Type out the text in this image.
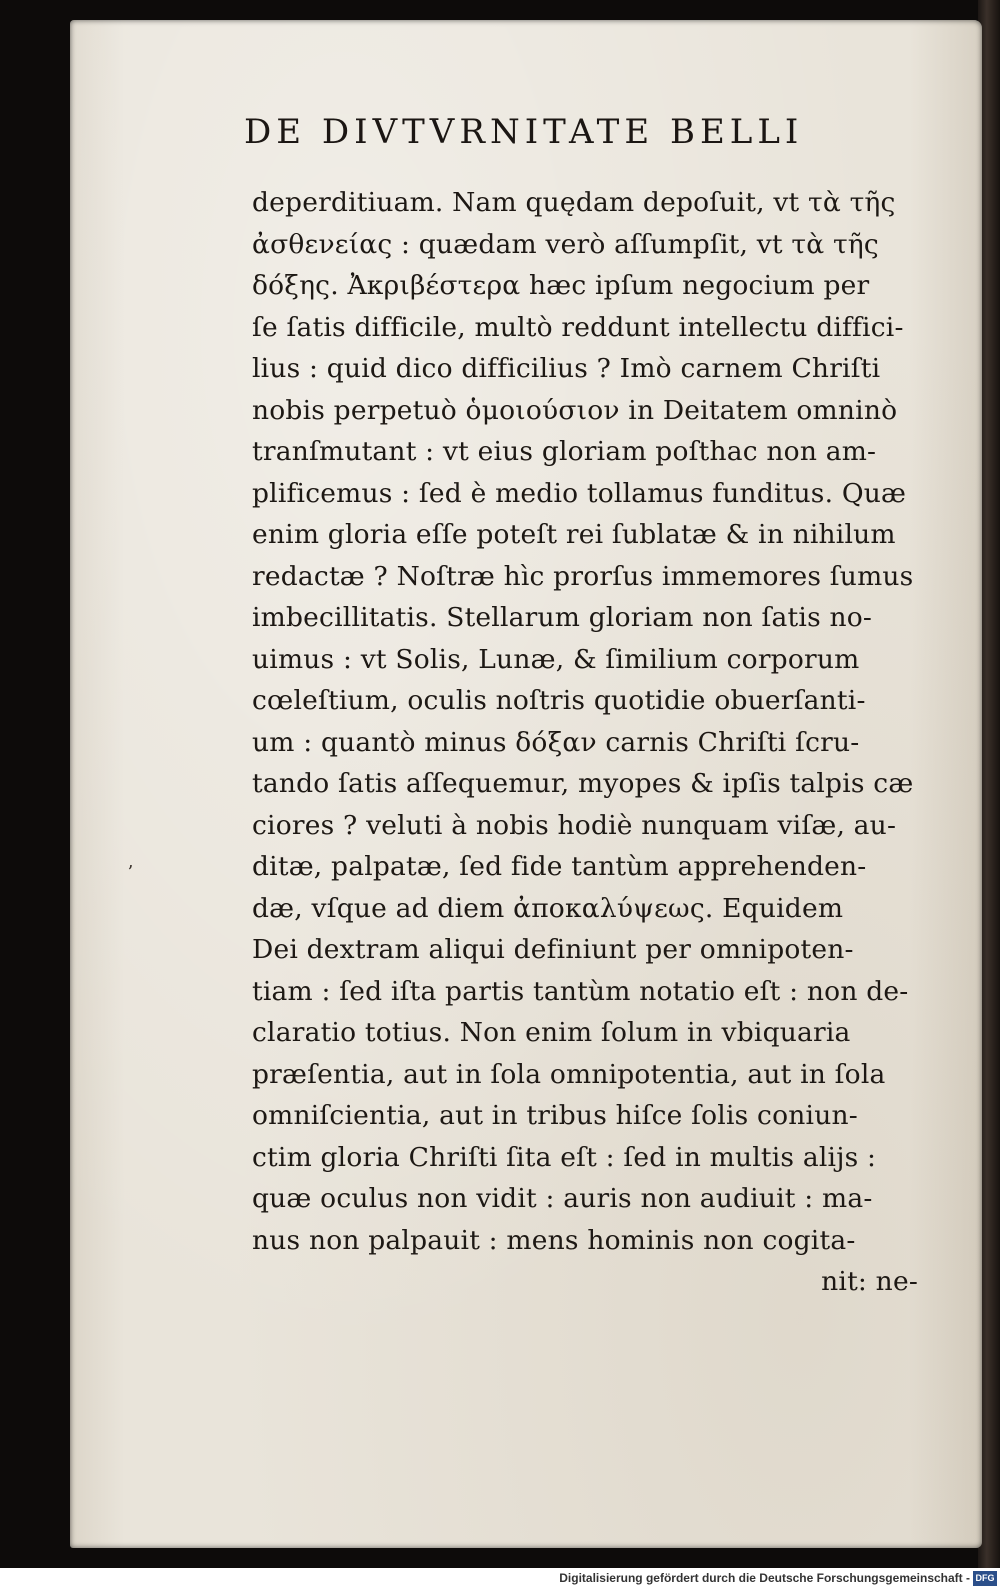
DE DIVTVRNITATE BELLI
deperditiuam. Nam quędam depoſuit, vt τὰ τῆς
ἀσθενείας : quædam verò aſſumpſit, vt τὰ τῆς
δόξης. Ἀκριβέστερα hæc ipſum negocium per
ſe ſatis difficile, multò reddunt intellectu diffici-
lius : quid dico difficilius ? Imò carnem Chriſti
nobis perpetuò ὁμοιούσιον in Deitatem omninò
tranſmutant : vt eius gloriam poſthac non am-
plificemus : ſed è medio tollamus funditus. Quæ
enim gloria eſſe poteſt rei ſublatæ & in nihilum
redactæ ? Noſtræ hìc prorſus immemores ſumus
imbecillitatis. Stellarum gloriam non ſatis no-
uimus : vt Solis, Lunæ, & ſimilium corporum
cœleſtium, oculis noſtris quotidie obuerſanti-
um : quantò minus δόξαν carnis Chriſti ſcru-
tando ſatis aſſequemur, myopes & ipſis talpis cæ
ciores ? veluti à nobis hodiè nunquam viſæ, au-
ditæ, palpatæ, ſed fide tantùm apprehenden-
dæ, vſque ad diem ἀποκαλύψεως. Equidem
Dei dextram aliqui definiunt per omnipoten-
tiam : ſed iſta partis tantùm notatio eſt : non de-
claratio totius. Non enim ſolum in vbiquaria
præſentia, aut in ſola omnipotentia, aut in ſola
omniſcientia, aut in tribus hiſce ſolis coniun-
ctim gloria Chriſti ſita eſt : ſed in multis alijs :
quæ oculus non vidit : auris non audiuit : ma-
nus non palpauit : mens hominis non cogita-
nit: ne-
ʼ
Digitalisierung gefördert durch die Deutsche Forschungsgemeinschaft - DFG
